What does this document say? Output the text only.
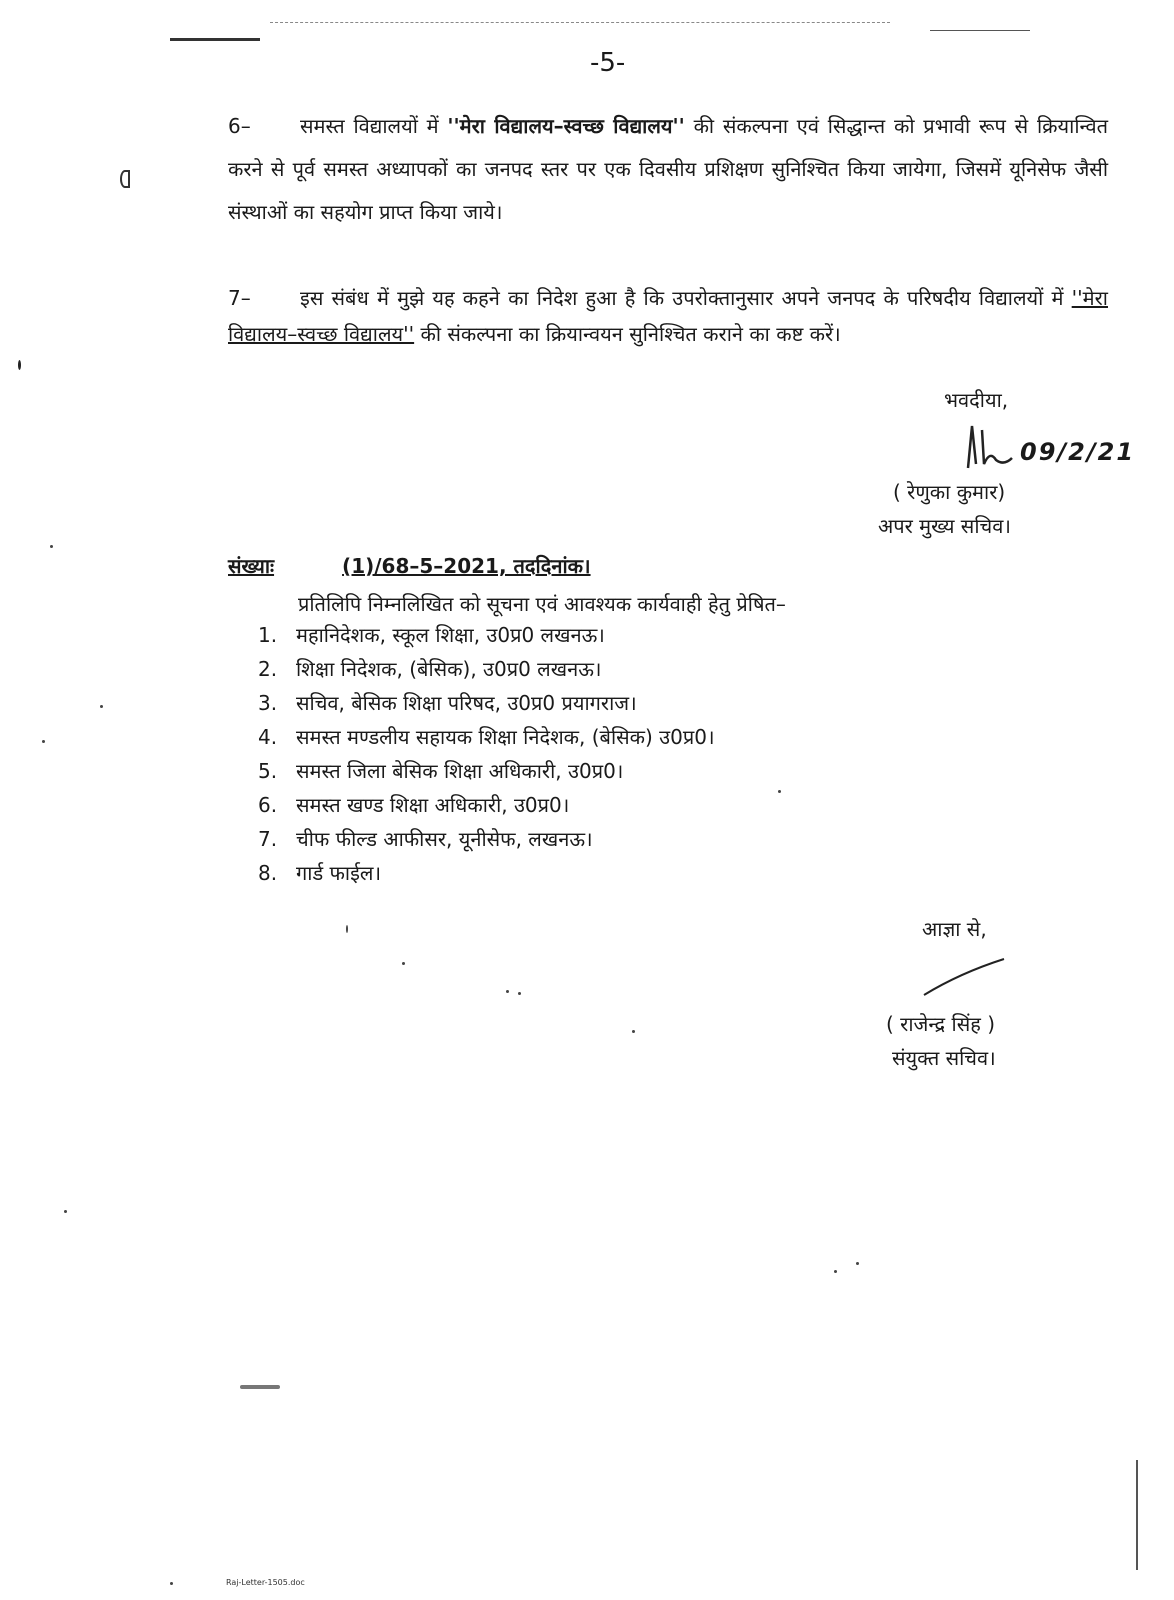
-5-

6– समस्त विद्यालयों में ''मेरा विद्यालय–स्वच्छ विद्यालय'' की संकल्पना एवं सिद्धान्त को प्रभावी रूप से क्रियान्वित करने से पूर्व समस्त अध्यापकों का जनपद स्तर पर एक दिवसीय प्रशिक्षण सुनिश्चित किया जायेगा, जिसमें यूनिसेफ जैसी संस्थाओं का सहयोग प्राप्त किया जाये।

7– इस संबंध में मुझे यह कहने का निदेश हुआ है कि उपरोक्तानुसार अपने जनपद के परिषदीय विद्यालयों में ''मेरा विद्यालय–स्वच्छ विद्यालय'' की संकल्पना का क्रियान्वयन सुनिश्चित कराने का कष्ट करें।

भवदीया,
09/2/21
( रेणुका कुमार)
अपर मुख्य सचिव।
संख्याः	(1)/68–5–2021, तददिनांक।
प्रतिलिपि निम्नलिखित को सूचना एवं आवश्यक कार्यवाही हेतु प्रेषित–
1. महानिदेशक, स्कूल शिक्षा, उ0प्र0 लखनऊ।
2. शिक्षा निदेशक, (बेसिक), उ0प्र0 लखनऊ।
3. सचिव, बेसिक शिक्षा परिषद, उ0प्र0 प्रयागराज।
4. समस्त मण्डलीय सहायक शिक्षा निदेशक, (बेसिक) उ0प्र0।
5. समस्त जिला बेसिक शिक्षा अधिकारी, उ0प्र0।
6. समस्त खण्ड शिक्षा अधिकारी, उ0प्र0।
7. चीफ फील्ड आफीसर, यूनीसेफ, लखनऊ।
8. गार्ड फाईल।
आज्ञा से,
( राजेन्द्र सिंह )
संयुक्त सचिव।
Raj-Letter-1505.doc
